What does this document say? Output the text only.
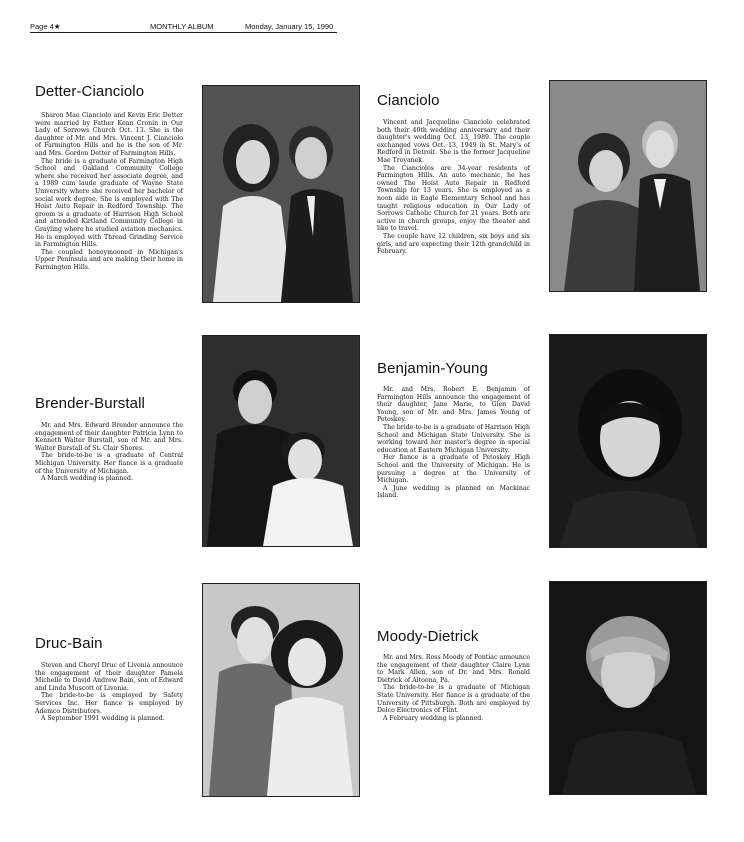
Page 4★	MONTHLY ALBUM	Monday, January 15, 1990
Detter-Cianciolo

Sharon Mae Cianciolo and Kevin Eric Detter were married by Father Kean Cronin in Our Lady of Sorrows Church Oct. 13. She is the daughter of Mr. and Mrs. Vincent J. Cianciolo of Farmington Hills and he is the son of Mr. and Mrs. Gordon Detter of Farmington Hills.

The bride is a graduate of Farmington High School and Oakland Community College where she received her associate degree, and a 1989 cum laude graduate of Wayne State University where she received her bachelor of social work degree. She is employed with The Hoist Auto Repair in Redford Township. The groom is a graduate of Harrison High School and attended Kirtland Community College in Grayling where he studied aviation mechanics. He is employed with Thread Grinding Service in Farmington Hills.

The coupled honeymooned in Michigan's Upper Peninsula and are making their home in Farmington Hills.

Cianciolo

Vincent and Jacqueline Cianciolo celebrated both their 40th wedding anniversary and their daughter's wedding Oct. 13, 1989. The couple exchanged vows Oct. 13, 1949 in St. Mary's of Redford in Detroit. She is the former Jacqueline Mae Troyanek.

The Cianciolos are 34-year residents of Farmington Hills. An auto mechanic, he has owned The Hoist Auto Repair in Redford Township for 13 years. She is employed as a noon aide in Eagle Elementary School and has taught religious education in Our Lady of Sorrows Catholic Church for 21 years. Both are active in church groups, enjoy the theater and like to travel.

The couple have 12 children, six boys and six girls, and are expecting their 12th grandchild in February.

Brender-Burstall

Mr. and Mrs. Edward Brender announce the engagement of their daughter Patricia Lynn to Kenneth Walter Burstall, son of Mr. and Mrs. Walter Burstall of St. Clair Shores.

The bride-to-be is a graduate of Central Michigan University. Her fiance is a graduate of the University of Michigan.

A March wedding is planned.

Benjamin-Young

Mr. and Mrs. Robert E. Benjamin of Farmington Hills announce the engagement of their daughter, Jane Marie, to Glen David Young, son of Mr. and Mrs. James Young of Petoskey.

The bride-to-be is a graduate of Harrison High School and Michigan State University. She is working toward her master's degree in special education at Eastern Michigan University.

Her fiance is a graduate of Petoskey High School and the University of Michigan. He is pursuing a degree at the University of Michigan.

A June wedding is planned on Mackinac Island.

Druc-Bain

Steven and Cheryl Druc of Livonia announce the engagement of their daughter Pamela Michelle to David Andrew Bain, son of Edward and Linda Muscott of Livonia.

The bride-to-be is employed by Safety Services Inc. Her fiance is employed by Ademco Distributors.

A September 1991 wedding is planned.

Moody-Dietrick

Mr. and Mrs. Ross Moody of Pontiac announce the engagement of their daughter Claire Lynn to Mark Allen, son of Dr. and Mrs. Ronald Dietrick of Altoona, Pa.

The bride-to-be is a graduate of Michigan State University. Her fiance is a graduate of the University of Pittsburgh. Both are employed by Delco Electronics of Flint.

A February wedding is planned.
